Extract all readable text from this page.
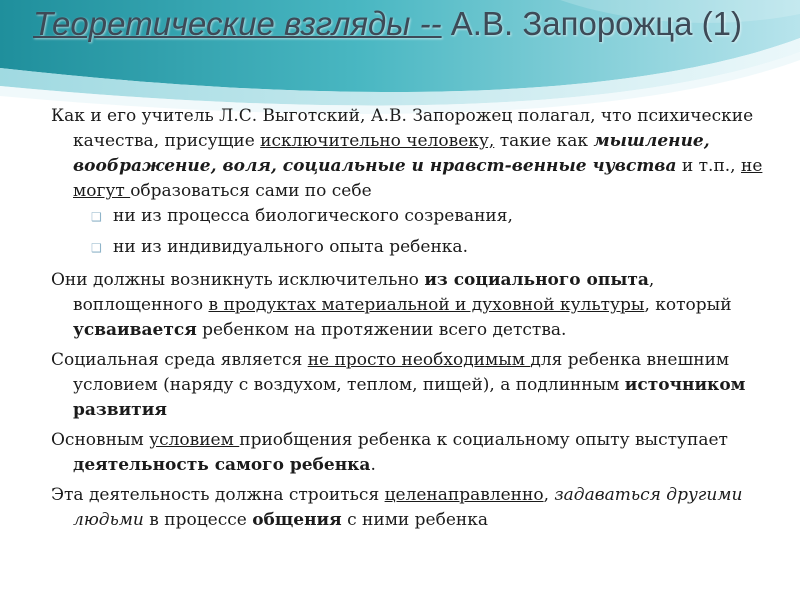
Теоретические взгляды -- А.В. Запорожца (1)

Как и его учитель Л.С. Выготский, А.В. Запорожец полагал, что психические качества, присущие исключительно человеку, такие как мышление, воображение, воля, социальные и нравст-венные чувства и т.п., не могут образоваться сами по себе

❑ ни из процесса биологического созревания,

❑ ни из индивидуального опыта ребенка.

Они должны возникнуть исключительно из социального опыта, воплощенного в продуктах материальной и духовной культуры, который усваивается ребенком на протяжении всего детства.

Социальная среда является не просто необходимым для ребенка внешним условием (наряду с воздухом, теплом, пищей), а подлинным источником развития

Основным условием приобщения ребенка к социальному опыту выступает деятельность самого ребенка.

Эта деятельность должна строиться целенаправленно, задаваться другими людьми в процессе общения с ними ребенка
